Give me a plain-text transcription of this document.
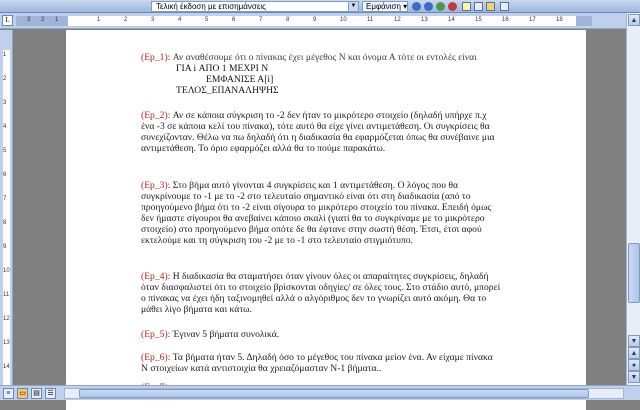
Τελική έκδοση με επισημάνσεις	▼	Εμφάνιση ▾
3 2 1	1	2	3	4	5	6	7	8	9	10	11	12	13	14	15	16	17	18
L
1
2
3
4
5
6
7
8
9
10
11
12
13
14
(Ep_1): Αν αναθέσουμε ότι ο πίνακας έχει μέγεθος Ν και όνομα Α τότε οι εντολές είναι
ΓΙΑ i ΑΠΟ 1 ΜΕΧΡΙ Ν
ΕΜΦΑΝΙΣΕ Α[i]
ΤΕΛΟΣ_ΕΠΑΝΑΛΗΨΗΣ
(Ep_2): Αν σε κάποια σύγκριση το -2 δεν ήταν το μικρότερο στοιχείο (δηλαδή υπήρχε π.χ ένα -3 σε κάποια κελί του πίνακα), τότε αυτό θα είχε γίνει αντιμετάθεση. Οι συγκρίσεις θα συνεχίζονταν. Θέλω να πω δηλαδή ότι η διαδικασία θα εφαρμόζεται όπως θα συνέβαινε μια αντιμετάθεση. Το όριο εφαρμόζει αλλά θα το πούμε παρακάτω.
(Ep_3): Στο βήμα αυτό γίνονται 4 συγκρίσεις και 1 αντιμετάθεση. Ο λόγος που θα συγκρίνουμε το -1 με το -2 στο τελευταίο σημαντικό είναι ότι στη διαδικασία (από το προηγούμενο βήμα ότι το -2 είναι σίγουρα το μικρότερο στοιχείο του πίνακα. Επειδή όμως δεν ήμαστε σίγουροι θα ανεβαίνει κάποιο σκαλί (γιατί θα το συγκρίναμε με το μικρότερο στοιχείο) στο προηγούμενο βήμα οπότε δε θα έφτανε στην σωστή θέση. Έτσι, έτσι αφού εκτελούμε και τη σύγκριση του -2 με το -1 στο τελευταίο στιγμιότυπο.
(Ep_4): Η διαδικασία θα σταματήσει όταν γίνουν όλες οι απαραίτητες συγκρίσεις, δηλαδή όταν διασφαλιστεί ότι το στοιχείο βρίσκονται οδηγίες/ σε όλες τους. Στο στάδιο αυτό, μπορεί ο πίνακας να έχει ήδη ταξινομηθεί αλλά ο αλγόριθμος δεν το γνωρίζει αυτό ακόμη. Θα το μάθει λίγο βήματα και κάτω.
(Ep_5): Έγιναν 5 βήματα συνολικά.
(Ep_6): Τα βήματα ήταν 5. Δηλαδή όσο το μέγεθος του πίνακα μείον ένα. Αν είχαμε πίνακα Ν στοιχείων κατά αντιστοιχία θα χρειαζόμασταν Ν-1 βήματα..
▲
▼
▲
●
▼
≡	▭	▤	☰
